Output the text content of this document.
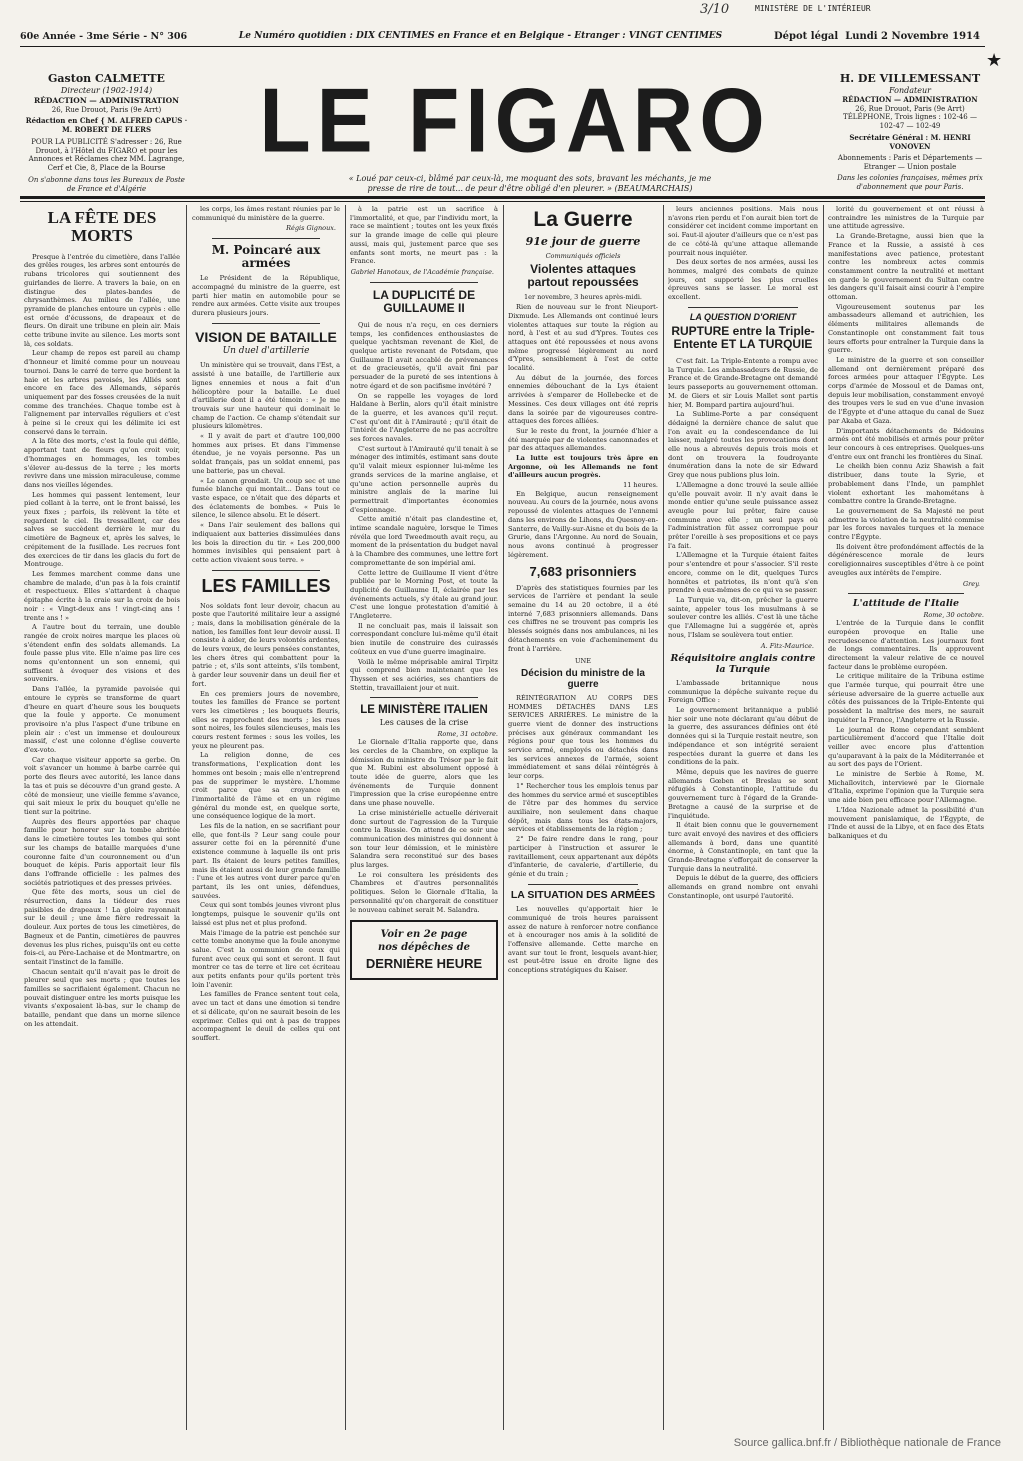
3/10	MINISTÈRE DE L'INTÉRIEUR
★
60e Année - 3me Série - N° 306	Le Numéro quotidien : DIX CENTIMES en France et en Belgique - Etranger : VINGT CENTIMES	Dépot légal Lundi 2 Novembre 1914
Gaston CALMETTE
Directeur (1902-1914)
RÉDACTION — ADMINISTRATION
26, Rue Drouot, Paris (9e Arrt)
Rédaction en Chef { M. ALFRED CAPUS · M. ROBERT DE FLERS
POUR LA PUBLICITÉ S'adresser : 26, Rue Drouot, à l'Hôtel du FIGARO et pour les Annonces et Réclames chez MM. Lagrange, Cerf et Cie, 8, Place de la Bourse
On s'abonne dans tous les Bureaux de Poste de France et d'Algérie
LE FIGARO
« Loué par ceux-ci, blâmé par ceux-là, me moquant des sots, bravant les méchants, je me presse de rire de tout... de peur d'être obligé d'en pleurer. » (BEAUMARCHAIS)
H. DE VILLEMESSANT
Fondateur
RÉDACTION — ADMINISTRATION
26, Rue Drouot, Paris (9e Arrt)
TÉLÉPHONE, Trois lignes : 102-46 — 102-47 — 102-49
Secrétaire Général : M. HENRI VONOVEN
Abonnements : Paris et Départements — Etranger — Union postale
Dans les colonies françaises, mêmes prix d'abonnement que pour Paris.
LA FÊTE DES MORTS

Presque à l'entrée du cimetière, dans l'allée des grêles rouges, les arbres sont entourés de rubans tricolores qui soutiennent des guirlandes de lierre. A travers la baie, on en distingue des plates-bandes de chrysanthèmes. Au milieu de l'allée, une pyramide de planches entoure un cyprès : elle est ornée d'écussons, de drapeaux et de fleurs. On dirait une tribune en plein air. Mais cette tribune invite au silence. Les morts sont là, ces soldats.

Leur champ de repos est pareil au champ d'honneur et limité comme pour un nouveau tournoi. Dans le carré de terre que bordent la haie et les arbres pavoisés, les Alliés sont encore en face des Allemands, séparés uniquement par des fosses creusées de la nuit comme des tranchées. Chaque tombe est à l'alignement par intervalles réguliers et c'est à peine si le creux qui les délimite ici est conservé dans le terrain.

A la fête des morts, c'est la foule qui défile, apportant tant de fleurs qu'on croit voir, d'hommages en hommages, les tombes s'élever au-dessus de la terre ; les morts revivre dans une mission miraculeuse, comme dans nos vieilles légendes.

Les hommes qui passent lentement, leur pied collant à la terre, ont le front baissé, les yeux fixes ; parfois, ils relèvent la tête et regardent le ciel. Ils tressaillent, car des salves se succèdent derrière le mur du cimetière de Bagneux et, après les salves, le crépitement de la fusillade. Les recrues font des exercices de tir dans les glacis du fort de Montrouge.

Les femmes marchent comme dans une chambre de malade, d'un pas à la fois craintif et respectueux. Elles s'attardent à chaque épitaphe écrite à la craie sur la croix de bois noir : « Vingt-deux ans ! vingt-cinq ans ! trente ans ! »

A l'autre bout du terrain, une double rangée de croix noires marque les places où s'étendent enfin des soldats allemands. La foule passe plus vite. Elle n'aime pas lire ces noms qu'entonnent un son ennemi, qui suffisent à évoquer des visions et des souvenirs.

Dans l'allée, la pyramide pavoisée qui entoure le cyprès se transforme de quart d'heure en quart d'heure sous les bouquets que la foule y apporte. Ce monument provisoire n'a plus l'aspect d'une tribune en plein air : c'est un immense et douloureux massif, c'est une colonne d'église couverte d'ex-voto.

Car chaque visiteur apporte sa gerbe. On voit s'avancer un homme à barbe carrée qui porte des fleurs avec autorité, les lance dans la tas et puis se découvre d'un grand geste. A côté de monsieur, une vieille femme s'avance, qui sait mieux le prix du bouquet qu'elle ne tient sur la poitrine.

Auprès des fleurs apportées par chaque famille pour honorer sur la tombe abritée dans le cimetière toutes les tombes qui sont sur les champs de bataille marquées d'une couronne faite d'un couronnement ou d'un bouquet de képis. Paris apportait leur fils dans l'offrande officielle : les palmes des sociétés patriotiques et des presses privées.

Que fête des morts, sous un ciel de résurrection, dans la tiédeur des rues paisibles de drapeaux ! La gloire rayonnait sur le deuil ; une âme fière redressait la douleur. Aux portes de tous les cimetières, de Bagneux et de Pantin, cimetières de pauvres devenus les plus riches, puisqu'ils ont eu cette fois-ci, au Père-Lachaise et de Montmartre, on sentait l'instinct de la famille.

Chacun sentait qu'il n'avait pas le droit de pleurer seul que ses morts ; que toutes les familles se sacrifiaient également. Chacun ne pouvait distinguer entre les morts puisque les vivants s'exposaient là-bas, sur le champ de bataille, pendant que dans un morne silence on les attendait.

les corps, les âmes restant réunies par le communiqué du ministère de la guerre.

Régis Gignoux.
M. Poincaré aux armées

Le Président de la République, accompagné du ministre de la guerre, est parti hier matin en automobile pour se rendre aux armées. Cette visite aux troupes durera plusieurs jours.

VISION DE BATAILLE
Un duel d'artillerie

Un ministère qui se trouvait, dans l'Est, a assisté à une bataille, de l'artillerie aux lignes ennemies et nous a fait d'un hélicoptère pour la bataille. Le duel d'artillerie dont il a été témoin : « Je me trouvais sur une hauteur qui dominait le champ de l'action. Ce champ s'étendait sur plusieurs kilomètres.

« Il y avait de part et d'autre 100,000 hommes aux prises. Et dans l'immense étendue, je ne voyais personne. Pas un soldat français, pas un soldat ennemi, pas une batterie, pas un cheval.

« Le canon grondait. Un coup sec et une fumée blanche qui montait... Dans tout ce vaste espace, ce n'était que des départs et des éclatements de bombes. « Puis le silence, le silence absolu. Et le désert.

« Dans l'air seulement des ballons qui indiquaient aux batteries dissimulées dans les bois la direction du tir. « Les 200,000 hommes invisibles qui pensaient part à cette action vivaient sous terre. »

LES FAMILLES

Nos soldats font leur devoir, chacun au poste que l'autorité militaire leur a assigné ; mais, dans la mobilisation générale de la nation, les familles font leur devoir aussi. Il consiste à aider, de leurs volontés ardentes, de leurs vœux, de leurs pensées constantes, les chers êtres qui combattent pour la patrie ; et, s'ils sont atteints, s'ils tombent, à garder leur souvenir dans un deuil fier et fort.

En ces premiers jours de novembre, toutes les familles de France se portent vers les cimetières ; les bouquets fleuris, elles se rapprochent des morts ; les rues sont noires, les foules silencieuses, mais les cœurs restent fermes : sous les voiles, les yeux ne pleurent pas.

La religion donne, de ces transformations, l'explication dont les hommes ont besoin ; mais elle n'entreprend pas de supprimer le mystère. L'homme croit parce que sa croyance en l'immortalité de l'âme et en un régime général du monde est, en quelque sorte, une conséquence logique de la mort.

Les fils de la nation, en se sacrifiant pour elle, que font-ils ? Leur sang coule pour assurer cette foi en la pérennité d'une existence commune à laquelle ils ont pris part. Ils étaient de leurs petites familles, mais ils étaient aussi de leur grande famille : l'une et les autres vont durer parce qu'en partant, ils les ont unies, défendues, sauvées.

Ceux qui sont tombés jeunes vivront plus longtemps, puisque le souvenir qu'ils ont laissé est plus net et plus profond.

Mais l'image de la patrie est penchée sur cette tombe anonyme que la foule anonyme salue. C'est la communion de ceux qui furent avec ceux qui sont et seront. Il faut montrer ce tas de terre et lire cet écriteau aux petits enfants pour qu'ils portent très loin l'avenir.

Les familles de France sentent tout cela, avec un tact et dans une émotion si tendre et si délicate, qu'on ne saurait besoin de les exprimer. Celles qui ont à pas de trappes accompagnent le deuil de celles qui ont souffert.

à la patrie est un sacrifice à l'immortalité, et que, par l'individu mort, la race se maintient ; toutes ont les yeux fixés sur la grande image de celle qui pleure aussi, mais qui, justement parce que ses enfants sont morts, ne meurt pas : la France.

Gabriel Hanotaux, de l'Académie française.
LA DUPLICITÉ DE GUILLAUME II

Qui de nous n'a reçu, en ces derniers temps, les confidences enthousiastes de quelque yachtsman revenant de Kiel, de quelque artiste revenant de Potsdam, que Guillaume II avait accablé de prévenances et de gracieusetés, qu'il avait fini par persuader de la pureté de ses intentions à notre égard et de son pacifisme invétéré ?

On se rappelle les voyages de lord Haldane à Berlin, alors qu'il était ministre de la guerre, et les avances qu'il reçut. C'est qu'ont dit à l'Amirauté ; qu'il était de l'intérêt de l'Angleterre de ne pas accroître ses forces navales.

C'est surtout à l'Amirauté qu'il tenait à se ménager des intimités, estimant sans doute qu'il valait mieux espionner lui-même les grands services de la marine anglaise, et qu'une action personnelle auprès du ministre anglais de la marine lui permettrait d'importantes économies d'espionnage.

Cette amitié n'était pas clandestine et, intime scandale naguère, lorsque le Times révéla que lord Tweedmouth avait reçu, au moment de la présentation du budget naval à la Chambre des communes, une lettre fort compromettante de son impérial ami.

Cette lettre de Guillaume II vient d'être publiée par le Morning Post, et toute la duplicité de Guillaume II, éclairée par les événements actuels, s'y étale au grand jour. C'est une longue protestation d'amitié à l'Angleterre.

Il ne concluait pas, mais il laissait son correspondant conclure lui-même qu'il était bien inutile de construire des cuirassés coûteux en vue d'une guerre imaginaire.

Voilà le même méprisable amiral Tirpitz qui comprend bien maintenant que les Thyssen et ses aciéries, ses chantiers de Stettin, travaillaient jour et nuit.

LE MINISTÈRE ITALIEN
Les causes de la crise
Rome, 31 octobre.

Le Giornale d'Italia rapporte que, dans les cercles de la Chambre, on explique la démission du ministre du Trésor par le fait que M. Rubini est absolument opposé à toute idée de guerre, alors que les événements de Turquie donnent l'impression que la crise européenne entre dans une phase nouvelle.

La crise ministérielle actuelle dériverait donc surtout de l'agression de la Turquie contre la Russie. On attend de ce soir une communication des ministres qui donnent à son tour leur démission, et le ministère Salandra sera reconstitué sur des bases plus larges.

Le roi consultera les présidents des Chambres et d'autres personnalités politiques. Selon le Giornale d'Italia, la personnalité qu'on chargerait de constituer le nouveau cabinet serait M. Salandra.

Voir en 2e page
nos dépêches de
DERNIÈRE HEURE
La Guerre
91e jour de guerre
Communiqués officiels
Violentes attaques partout repoussées
1er novembre, 3 heures après-midi.

Rien de nouveau sur le front Nieuport-Dixmude. Les Allemands ont continué leurs violentes attaques sur toute la région au nord, à l'est et au sud d'Ypres. Toutes ces attaques ont été repoussées et nous avons même progressé légèrement au nord d'Ypres, sensiblement à l'est de cette localité.

Au début de la journée, des forces ennemies débouchant de la Lys étaient arrivées à s'emparer de Hollebecke et de Messines. Ces deux villages ont été repris dans la soirée par de vigoureuses contre-attaques des forces alliées.

Sur le reste du front, la journée d'hier a été marquée par de violentes canonnades et par des attaques allemandes.

La lutte est toujours très âpre en Argonne, où les Allemands ne font d'ailleurs aucun progrès.

11 heures.

En Belgique, aucun renseignement nouveau. Au cours de la journée, nous avons repoussé de violentes attaques de l'ennemi dans les environs de Lihons, du Quesnoy-en-Santerre, de Vailly-sur-Aisne et du bois de la Grurie, dans l'Argonne. Au nord de Souain, nous avons continué à progresser légèrement.

7,683 prisonniers

D'après des statistiques fournies par les services de l'arrière et pendant la seule semaine du 14 au 20 octobre, il a été interné 7,683 prisonniers allemands. Dans ces chiffres ne se trouvent pas compris les blessés soignés dans nos ambulances, ni les détachements en voie d'acheminement du front à l'arrière.

UNE
Décision du ministre de la guerre

RÉINTÉGRATION AU CORPS DES HOMMES DÉTACHÉS DANS LES SERVICES ARRIÈRES. Le ministre de la guerre vient de donner des instructions précises aux généraux commandant les régions pour que tous les hommes du service armé, employés ou détachés dans les services annexes de l'armée, soient immédiatement et sans délai réintégrés à leur corps.

1° Rechercher tous les emplois tenus par des hommes du service armé et susceptibles de l'être par des hommes du service auxiliaire, non seulement dans chaque dépôt, mais dans tous les états-majors, services et établissements de la région ;

2° De faire rendre dans le rang, pour participer à l'instruction et assurer le ravitaillement, ceux appartenant aux dépôts d'infanterie, de cavalerie, d'artillerie, du génie et du train ;

LA SITUATION DES ARMÉES

Les nouvelles qu'apportait hier le communiqué de trois heures paraissent assez de nature à renforcer notre confiance et à encourager nos amis à la solidité de l'offensive allemande. Cette marche en avant sur tout le front, lesquels avant-hier, est peut-être issue en droite ligne des conceptions stratégiques du Kaiser.

leurs anciennes positions. Mais nous n'avons rien perdu et l'on aurait bien tort de considérer cet incident comme important en soi. Faut-il ajouter d'ailleurs que ce n'est pas de ce côté-là qu'une attaque allemande pourrait nous inquiéter.

Des deux sortes de nos armées, aussi les hommes, malgré des combats de quinze jours, ont supporté les plus cruelles épreuves sans se lasser. Le moral est excellent.

LA QUESTION D'ORIENT
RUPTURE entre la Triple-Entente ET LA TURQUIE

C'est fait. La Triple-Entente a rompu avec la Turquie. Les ambassadeurs de Russie, de France et de Grande-Bretagne ont demandé leurs passeports au gouvernement ottoman. M. de Giers et sir Louis Mallet sont partis hier, M. Bompard partira aujourd'hui.

La Sublime-Porte a par conséquent dédaigné la dernière chance de salut que l'on avait eu la condescendance de lui laisser, malgré toutes les provocations dont elle nous a abreuvés depuis trois mois et dont on trouvera la foudroyante énumération dans la note de sir Edward Grey que nous publions plus loin.

L'Allemagne a donc trouvé la seule alliée qu'elle pouvait avoir. Il n'y avait dans le monde entier qu'une seule puissance assez aveugle pour lui prêter, faire cause commune avec elle ; un seul pays où l'administration fût assez corrompue pour prêter l'oreille à ses propositions et ce pays l'a fait.

L'Allemagne et la Turquie étaient faites pour s'entendre et pour s'associer. S'il reste encore, comme on le dit, quelques Turcs honnêtes et patriotes, ils n'ont qu'à s'en prendre à eux-mêmes de ce qui va se passer.

La Turquie va, dit-on, prêcher la guerre sainte, appeler tous les musulmans à se soulever contre les alliés. C'est là une tâche que l'Allemagne lui a suggérée et, après nous, l'Islam se soulèvera tout entier.

A. Fitz-Maurice.
Réquisitoire anglais contre la Turquie

L'ambassade britannique nous communique la dépêche suivante reçue du Foreign Office :

Le gouvernement britannique a publié hier soir une note déclarant qu'au début de la guerre, des assurances définies ont été données qui si la Turquie restait neutre, son indépendance et son intégrité seraient respectées durant la guerre et dans les conditions de la paix.

Même, depuis que les navires de guerre allemands Gœben et Breslau se sont réfugiés à Constantinople, l'attitude du gouvernement turc à l'égard de la Grande-Bretagne a causé de la surprise et de l'inquiétude.

Il était bien connu que le gouvernement turc avait envoyé des navires et des officiers allemands à bord, dans une quantité énorme, à Constantinople, en tant que la Grande-Bretagne s'efforçait de conserver la Turquie dans la neutralité.

Depuis le début de la guerre, des officiers allemands en grand nombre ont envahi Constantinople, ont usurpé l'autorité.

lorité du gouvernement et ont réussi à contraindre les ministres de la Turquie par une attitude agressive.

La Grande-Bretagne, aussi bien que la France et la Russie, a assisté à ces manifestations avec patience, protestant contre les nombreux actes commis constamment contre la neutralité et mettant en garde le gouvernement du Sultan contre les dangers qu'il faisait ainsi courir à l'empire ottoman.

Vigoureusement soutenus par les ambassadeurs allemand et autrichien, les éléments militaires allemands de Constantinople ont constamment fait tous leurs efforts pour entraîner la Turquie dans la guerre.

Le ministre de la guerre et son conseiller allemand ont dernièrement préparé des forces armées pour attaquer l'Égypte. Les corps d'armée de Mossoul et de Damas ont, depuis leur mobilisation, constamment envoyé des troupes vers le sud en vue d'une invasion de l'Égypte et d'une attaque du canal de Suez par Akaba et Gaza.

D'importants détachements de Bédouins armés ont été mobilisés et armés pour prêter leur concours à ces entreprises. Quelques-uns d'entre eux ont franchi les frontières du Sinaï.

Le cheikh bien connu Aziz Shawish a fait distribuer, dans toute la Syrie, et probablement dans l'Inde, un pamphlet violent exhortant les mahométans à combattre contre la Grande-Bretagne.

Le gouvernement de Sa Majesté ne peut admettre la violation de la neutralité commise par les forces navales turques et la menace contre l'Égypte.

Ils doivent être profondément affectés de la dégénérescence morale de leurs coreligionnaires susceptibles d'être à ce point aveugles aux intérêts de l'empire.

Grey.
L'attitude de l'Italie
Rome, 30 octobre.

L'entrée de la Turquie dans le conflit européen provoque en Italie une recrudescence d'attention. Les journaux font de longs commentaires. Ils approuvent directement la valeur relative de ce nouvel facteur dans le problème européen.

Le critique militaire de la Tribuna estime que l'armée turque, qui pourrait être une sérieuse adversaire de la guerre actuelle aux côtés des puissances de la Triple-Entente qui possèdent la maîtrise des mers, ne saurait inquiéter la France, l'Angleterre et la Russie.

Le journal de Rome cependant semblent particulièrement d'accord que l'Italie doit veiller avec encore plus d'attention qu'auparavant à la paix de la Méditerranée et au sort des pays de l'Orient.

Le ministre de Serbie à Rome, M. Michaïlovitch, interviewé par le Giornale d'Italia, exprime l'opinion que la Turquie sera une aide bien peu efficace pour l'Allemagne.

L'Idea Nazionale admet la possibilité d'un mouvement panislamique, de l'Égypte, de l'Inde et aussi de la Libye, et en face des Etats balkaniques et du

Source gallica.bnf.fr / Bibliothèque nationale de France
